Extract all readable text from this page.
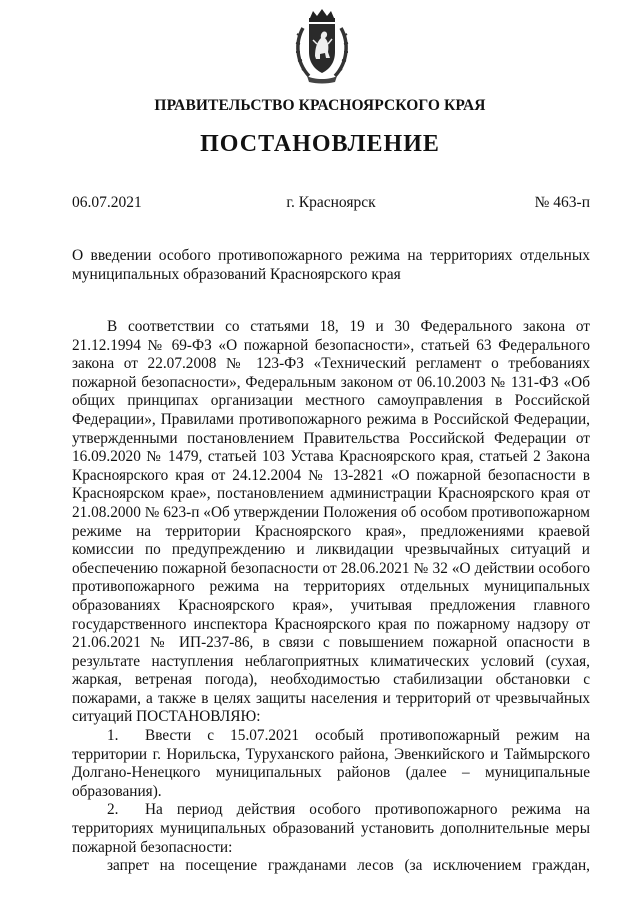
ПРАВИТЕЛЬСТВО КРАСНОЯРСКОГО КРАЯ
ПОСТАНОВЛЕНИЕ
06.07.2021	г. Красноярск	№ 463-п
О введении особого противопожарного режима на территориях отдельных муниципальных образований Красноярского края

В соответствии со статьями 18, 19 и 30 Федерального закона от 21.12.1994 № 69-ФЗ «О пожарной безопасности», статьей 63 Федерального закона от 22.07.2008 № 123-ФЗ «Технический регламент о требованиях пожарной безопасности», Федеральным законом от 06.10.2003 № 131-ФЗ «Об общих принципах организации местного самоуправления в Российской Федерации», Правилами противопожарного режима в Российской Федерации, утвержденными постановлением Правительства Российской Федерации от 16.09.2020 № 1479, статьей 103 Устава Красноярского края, статьей 2 Закона Красноярского края от 24.12.2004 № 13-2821 «О пожарной безопасности в Красноярском крае», постановлением администрации Красноярского края от 21.08.2000 № 623-п «Об утверждении Положения об особом противопожарном режиме на территории Красноярского края», предложениями краевой комиссии по предупреждению и ликвидации чрезвычайных ситуаций и обеспечению пожарной безопасности от 28.06.2021 № 32 «О действии особого противопожарного режима на территориях отдельных муниципальных образованиях Красноярского края», учитывая предложения главного государственного инспектора Красноярского края по пожарному надзору от 21.06.2021 № ИП-237-86, в связи с повышением пожарной опасности в результате наступления неблагоприятных климатических условий (сухая, жаркая, ветреная погода), необходимостью стабилизации обстановки с пожарами, а также в целях защиты населения и территорий от чрезвычайных ситуаций ПОСТАНОВЛЯЮ:

1. Ввести с 15.07.2021 особый противопожарный режим на территории г. Норильска, Туруханского района, Эвенкийского и Таймырского Долгано-Ненецкого муниципальных районов (далее – муниципальные образования).

2. На период действия особого противопожарного режима на территориях муниципальных образований установить дополнительные меры пожарной безопасности:

запрет на посещение гражданами лесов (за исключением граждан,
